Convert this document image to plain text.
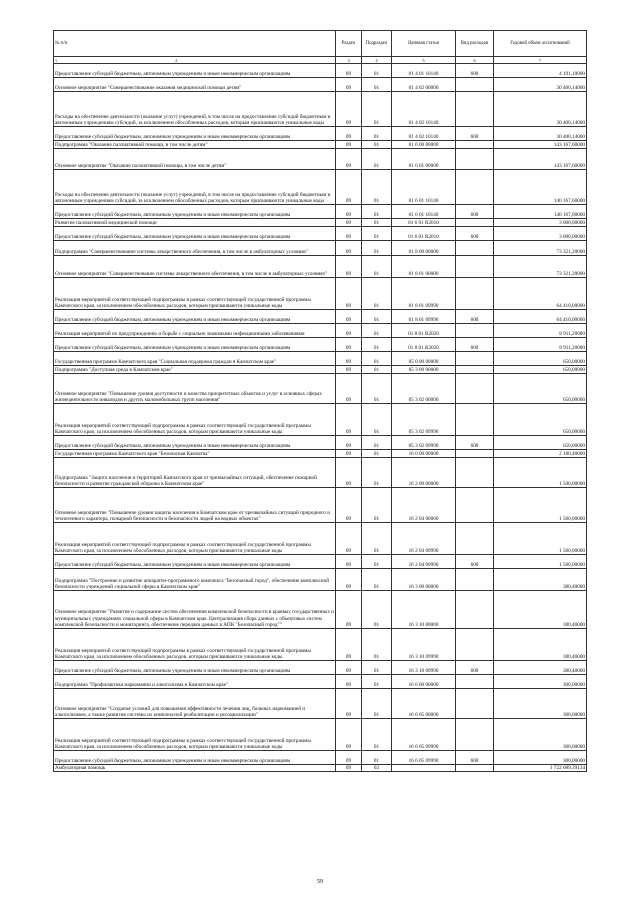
№ п/п	Раздел	Подраздел	Целевая статья	Вид расходов	Годовой объем ассигнований
1 2	3	4	5	6	7
Предоставление субсидий бюджетным, автономным учреждениям и иным некоммерческим организациям	09	01	01 4 01 10140	600	4 191,10000
Основное мероприятие "Совершенствование оказания медицинской помощи детям"	09	01	01 4 02 00000		30 400,14000
Расходы на обеспечение деятельности (оказание услуг) учреждений, в том числе на предоставление субсидий бюджетным и автономным учреждениям субсидий, за исключением обособленных расходов, которым присваиваются уникальные коды	09	01	01 4 02 10140		30 400,14000
Предоставление субсидий бюджетным, автономным учреждениям и иным некоммерческим организациям	09	01	01 4 02 10140	600	30 400,14000
Подпрограмма "Оказание паллиативной помощи, в том числе детям"	09	01	01 6 00 00000		143 167,60000
Основное мероприятие "Оказание паллиативной помощи, в том числе детям"	09	01	01 6 01 00000		143 167,60000
Расходы на обеспечение деятельности (оказание услуг) учреждений, в том числе на предоставление субсидий бюджетным и автономным учреждениям субсидий, за исключением обособленных расходов, которым присваиваются уникальные коды	09	01	01 6 01 10140		140 167,60000
Предоставление субсидий бюджетным, автономным учреждениям и иным некоммерческим организациям	09	01	01 6 01 10140	600	140 167,60000
Развитие паллиативной медицинской помощи	09	01	01 6 01 R2010		3 000,00000
Предоставление субсидий бюджетным, автономным учреждениям и иным некоммерческим организациям	09	01	01 6 01 R2010	600	3 000,00000
Подпрограмма "Совершенствование системы лекарственного обеспечения, в том числе в амбулаторных условиях"	09	01	01 8 00 00000		73 321,20000
Основное мероприятие "Совершенствование системы лекарственного обеспечения, в том числе в амбулаторных условиях"	09	01	01 8 01 00000		73 321,20000
Реализация мероприятий соответствующей подпрограммы в рамках соответствующей государственной программы Камчатского края, за исключением обособленных расходов, которым присваиваются уникальные коды	09	01	01 8 01 09990		64 410,00000
Предоставление субсидий бюджетным, автономным учреждениям и иным некоммерческим организациям	09	01	01 8 01 09990	600	64 410,00000
Реализация мероприятий по предупреждению и борьбе с социально значимыми инфекционными заболеваниями	09	01	01 8 01 R2020		8 911,20000
Предоставление субсидий бюджетным, автономным учреждениям и иным некоммерческим организациям	09	01	01 8 01 R2020	600	8 911,20000
Государственная программа Камчатского края "Социальная поддержка граждан в Камчатском крае"	09	01	05 0 00 00000		650,00000
Подпрограмма "Доступная среда в Камчатском крае"	09	01	05 3 00 00000		650,00000
Основное мероприятие "Повышение уровня доступности и качества приоритетных объектов и услуг в основных сферах жизнедеятельности инвалидов и других маломобильных групп населения"	09	01	05 3 02 00000		650,00000
Реализация мероприятий соответствующей подпрограммы в рамках соответствующей государственной программы Камчатского края, за исключением обособленных расходов, которым присваиваются уникальные коды	09	01	05 3 02 09990		650,00000
Предоставление субсидий бюджетным, автономным учреждениям и иным некоммерческим организациям	09	01	05 3 02 09990	600	650,00000
Государственная программа Камчатского края "Безопасная Камчатка"	09	01	16 0 00 00000		2 180,40000
Подпрограмма "Защита населения и территорий Камчатского края от чрезвычайных ситуаций, обеспечение пожарной безопасности и развитие гражданской обороны в Камчатском крае"	09	01	16 2 00 00000		1 500,00000
Основное мероприятие "Повышение уровня защиты населения в Камчатском крае от чрезвычайных ситуаций природного и техногенного характера, пожарной безопасности и безопасности людей на водных объектах"	09	01	16 2 04 00000		1 500,00000
Реализация мероприятий соответствующей подпрограммы в рамках соответствующей государственной программы Камчатского края, за исключением обособленных расходов, которым присваиваются уникальные коды	09	01	16 2 04 09990		1 500,00000
Предоставление субсидий бюджетным, автономным учреждениям и иным некоммерческим организациям	09	01	16 2 04 09990	600	1 500,00000
Подпрограмма "Построение и развитие аппаратно-программного комплекса "Безопасный город", обеспечение комплексной безопасности учреждений социальной сферы в Камчатском крае"	09	01	16 3 00 00000		380,40000
Основное мероприятие "Развитие и содержание систем обеспечения комплексной безопасности в краевых государственных и муниципальных учреждениях социальной сферы в Камчатском крае. Централизация сбора данных с объектовых систем комплексной безопасности и мониторинга, обеспечение передачи данных в АПК "Безопасный город""	09	01	16 3 10 00000		380,40000
Реализация мероприятий соответствующей подпрограммы в рамках соответствующей государственной программы Камчатского края, за исключением обособленных расходов, которым присваиваются уникальные коды	09	01	16 3 10 09990		380,40000
Предоставление субсидий бюджетным, автономным учреждениям и иным некоммерческим организациям	09	01	16 3 10 09990	600	380,40000
Подпрограмма "Профилактика наркомании и алкоголизма в Камчатском крае"	09	01	16 6 00 00000		300,00000
Основное мероприятие "Создание условий для повышения эффективности лечения лиц, больных наркоманией и алкоголизмом, а также развития системы их комплексной реабилитации и ресоциализации"	09	01	16 6 05 00000		300,00000
Реализация мероприятий соответствующей подпрограммы в рамках соответствующей государственной программы Камчатского края, за исключением обособленных расходов, которым присваиваются уникальные коды	09	01	16 6 05 09990		300,00000
Предоставление субсидий бюджетным, автономным учреждениям и иным некоммерческим организациям	09	01	16 6 05 09990	600	300,00000
Амбулаторная помощь	09	02			1 722 689,39134
59
